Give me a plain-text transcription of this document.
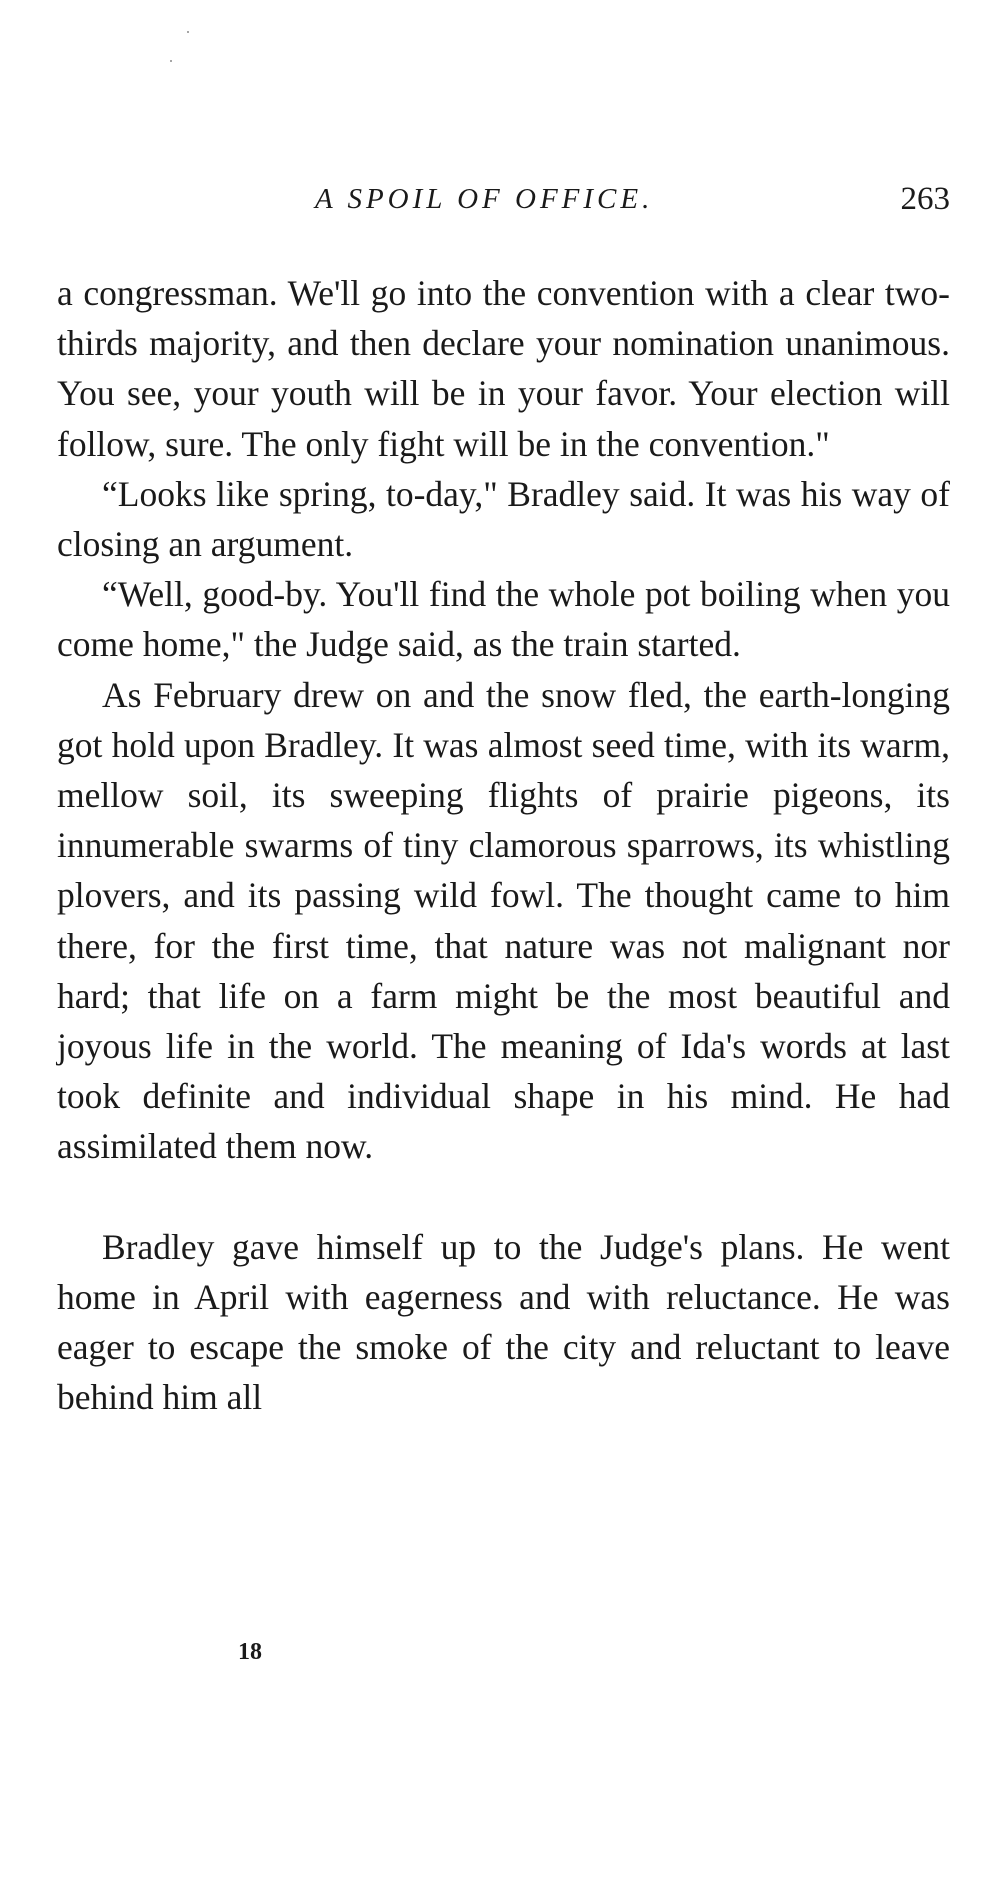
A SPOIL OF OFFICE.	263

a congressman. We'll go into the convention with a clear two-thirds majority, and then declare your nomination unanimous. You see, your youth will be in your favor. Your election will follow, sure. The only fight will be in the convention."

“Looks like spring, to-day," Bradley said. It was his way of closing an argument.

“Well, good-by. You'll find the whole pot boiling when you come home," the Judge said, as the train started.

As February drew on and the snow fled, the earth-longing got hold upon Bradley. It was almost seed time, with its warm, mellow soil, its sweeping flights of prairie pigeons, its innumerable swarms of tiny clamorous sparrows, its whistling plovers, and its passing wild fowl. The thought came to him there, for the first time, that nature was not malignant nor hard; that life on a farm might be the most beautiful and joyous life in the world. The meaning of Ida's words at last took definite and individual shape in his mind. He had assimilated them now.

Bradley gave himself up to the Judge's plans. He went home in April with eagerness and with reluctance. He was eager to escape the smoke of the city and reluctant to leave behind him all

18
